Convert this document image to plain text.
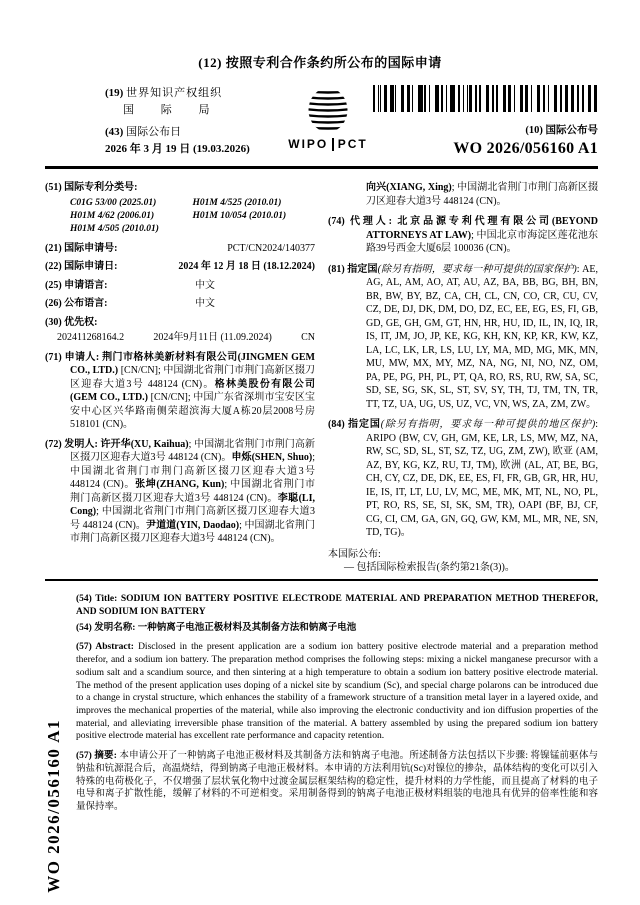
(12) 按照专利合作条约所公布的国际申请
(19) 世界知识产权组织
国 际 局
(43) 国际公布日
2026 年 3 月 19 日 (19.03.2026)	WIPO PCT
(10) 国际公布号
WO 2026/056160 A1
(51) 国际专利分类号:
C01G 53/00 (2025.01)	H01M 4/525 (2010.01)
H01M 4/62 (2006.01)	H01M 10/054 (2010.01)
H01M 4/505 (2010.01)
(21) 国际申请号:	PCT/CN2024/140377
(22) 国际申请日:	2024 年 12 月 18 日 (18.12.2024)
(25) 申请语言:	中文
(26) 公布语言:	中文
(30) 优先权:
202411268164.2	2024年9月11日 (11.09.2024)	CN

(71) 申请人: 荆门市格林美新材料有限公司(JINGMEN GEM CO., LTD.) [CN/CN]; 中国湖北省荆门市荆门高新区掇刀区迎春大道3号 448124 (CN)。格林美股份有限公司(GEM CO., LTD.) [CN/CN]; 中国广东省深圳市宝安区宝安中心区兴华路南侧荣超滨海大厦A栋20层2008号房 518101 (CN)。

(72) 发明人: 许开华(XU, Kaihua); 中国湖北省荆门市荆门高新区掇刀区迎春大道3号 448124 (CN)。申烁(SHEN, Shuo); 中国湖北省荆门市荆门高新区掇刀区迎春大道3号 448124 (CN)。张坤(ZHANG, Kun); 中国湖北省荆门市荆门高新区掇刀区迎春大道3号 448124 (CN)。李聪(LI, Cong); 中国湖北省荆门市荆门高新区掇刀区迎春大道3号 448124 (CN)。尹道道(YIN, Daodao); 中国湖北省荆门市荆门高新区掇刀区迎春大道3号 448124 (CN)。

向兴(XIANG, Xing); 中国湖北省荆门市荆门高新区掇刀区迎春大道3号 448124 (CN)。

(74) 代理人: 北京品源专利代理有限公司(BEYOND ATTORNEYS AT LAW); 中国北京市海淀区莲花池东路39号西金大厦6层 100036 (CN)。

(81) 指定国(除另有指明，要求每一种可提供的国家保护): AE, AG, AL, AM, AO, AT, AU, AZ, BA, BB, BG, BH, BN, BR, BW, BY, BZ, CA, CH, CL, CN, CO, CR, CU, CV, CZ, DE, DJ, DK, DM, DO, DZ, EC, EE, EG, ES, FI, GB, GD, GE, GH, GM, GT, HN, HR, HU, ID, IL, IN, IQ, IR, IS, IT, JM, JO, JP, KE, KG, KH, KN, KP, KR, KW, KZ, LA, LC, LK, LR, LS, LU, LY, MA, MD, MG, MK, MN, MU, MW, MX, MY, MZ, NA, NG, NI, NO, NZ, OM, PA, PE, PG, PH, PL, PT, QA, RO, RS, RU, RW, SA, SC, SD, SE, SG, SK, SL, ST, SV, SY, TH, TJ, TM, TN, TR, TT, TZ, UA, UG, US, UZ, VC, VN, WS, ZA, ZM, ZW。

(84) 指定国(除另有指明，要求每一种可提供的地区保护): ARIPO (BW, CV, GH, GM, KE, LR, LS, MW, MZ, NA, RW, SC, SD, SL, ST, SZ, TZ, UG, ZM, ZW), 欧亚 (AM, AZ, BY, KG, KZ, RU, TJ, TM), 欧洲 (AL, AT, BE, BG, CH, CY, CZ, DE, DK, EE, ES, FI, FR, GB, GR, HR, HU, IE, IS, IT, LT, LU, LV, MC, ME, MK, MT, NL, NO, PL, PT, RO, RS, SE, SI, SK, SM, TR), OAPI (BF, BJ, CF, CG, CI, CM, GA, GN, GQ, GW, KM, ML, MR, NE, SN, TD, TG)。

本国际公布:
— 包括国际检索报告(条约第21条(3))。

(54) Title: SODIUM ION BATTERY POSITIVE ELECTRODE MATERIAL AND PREPARATION METHOD THEREFOR, AND SODIUM ION BATTERY

(54) 发明名称: 一种钠离子电池正极材料及其制备方法和钠离子电池

(57) Abstract: Disclosed in the present application are a sodium ion battery positive electrode material and a preparation method therefor, and a sodium ion battery. The preparation method comprises the following steps: mixing a nickel manganese precursor with a sodium salt and a scandium source, and then sintering at a high temperature to obtain a sodium ion battery positive electrode material. The method of the present application uses doping of a nickel site by scandium (Sc), and special charge polarons can be introduced due to a change in crystal structure, which enhances the stability of a framework structure of a transition metal layer in a layered oxide, and improves the mechanical properties of the material, while also improving the electronic conductivity and ion diffusion properties of the material, and alleviating irreversible phase transition of the material. A battery assembled by using the prepared sodium ion battery positive electrode material has excellent rate performance and capacity retention.

(57) 摘要: 本申请公开了一种钠离子电池正极材料及其制备方法和钠离子电池。所述制备方法包括以下步骤: 将镍锰前驱体与钠盐和钪源混合后，高温烧结，得到钠离子电池正极材料。本申请的方法利用钪(Sc)对镍位的掺杂，晶体结构的变化可以引入特殊的电荷极化子，不仅增强了层状氧化物中过渡金属层框架结构的稳定性，提升材料的力学性能，而且提高了材料的电子电导和离子扩散性能，缓解了材料的不可逆相变。采用制备得到的钠离子电池正极材料组装的电池具有优异的倍率性能和容量保持率。

WO 2026/056160 A1
